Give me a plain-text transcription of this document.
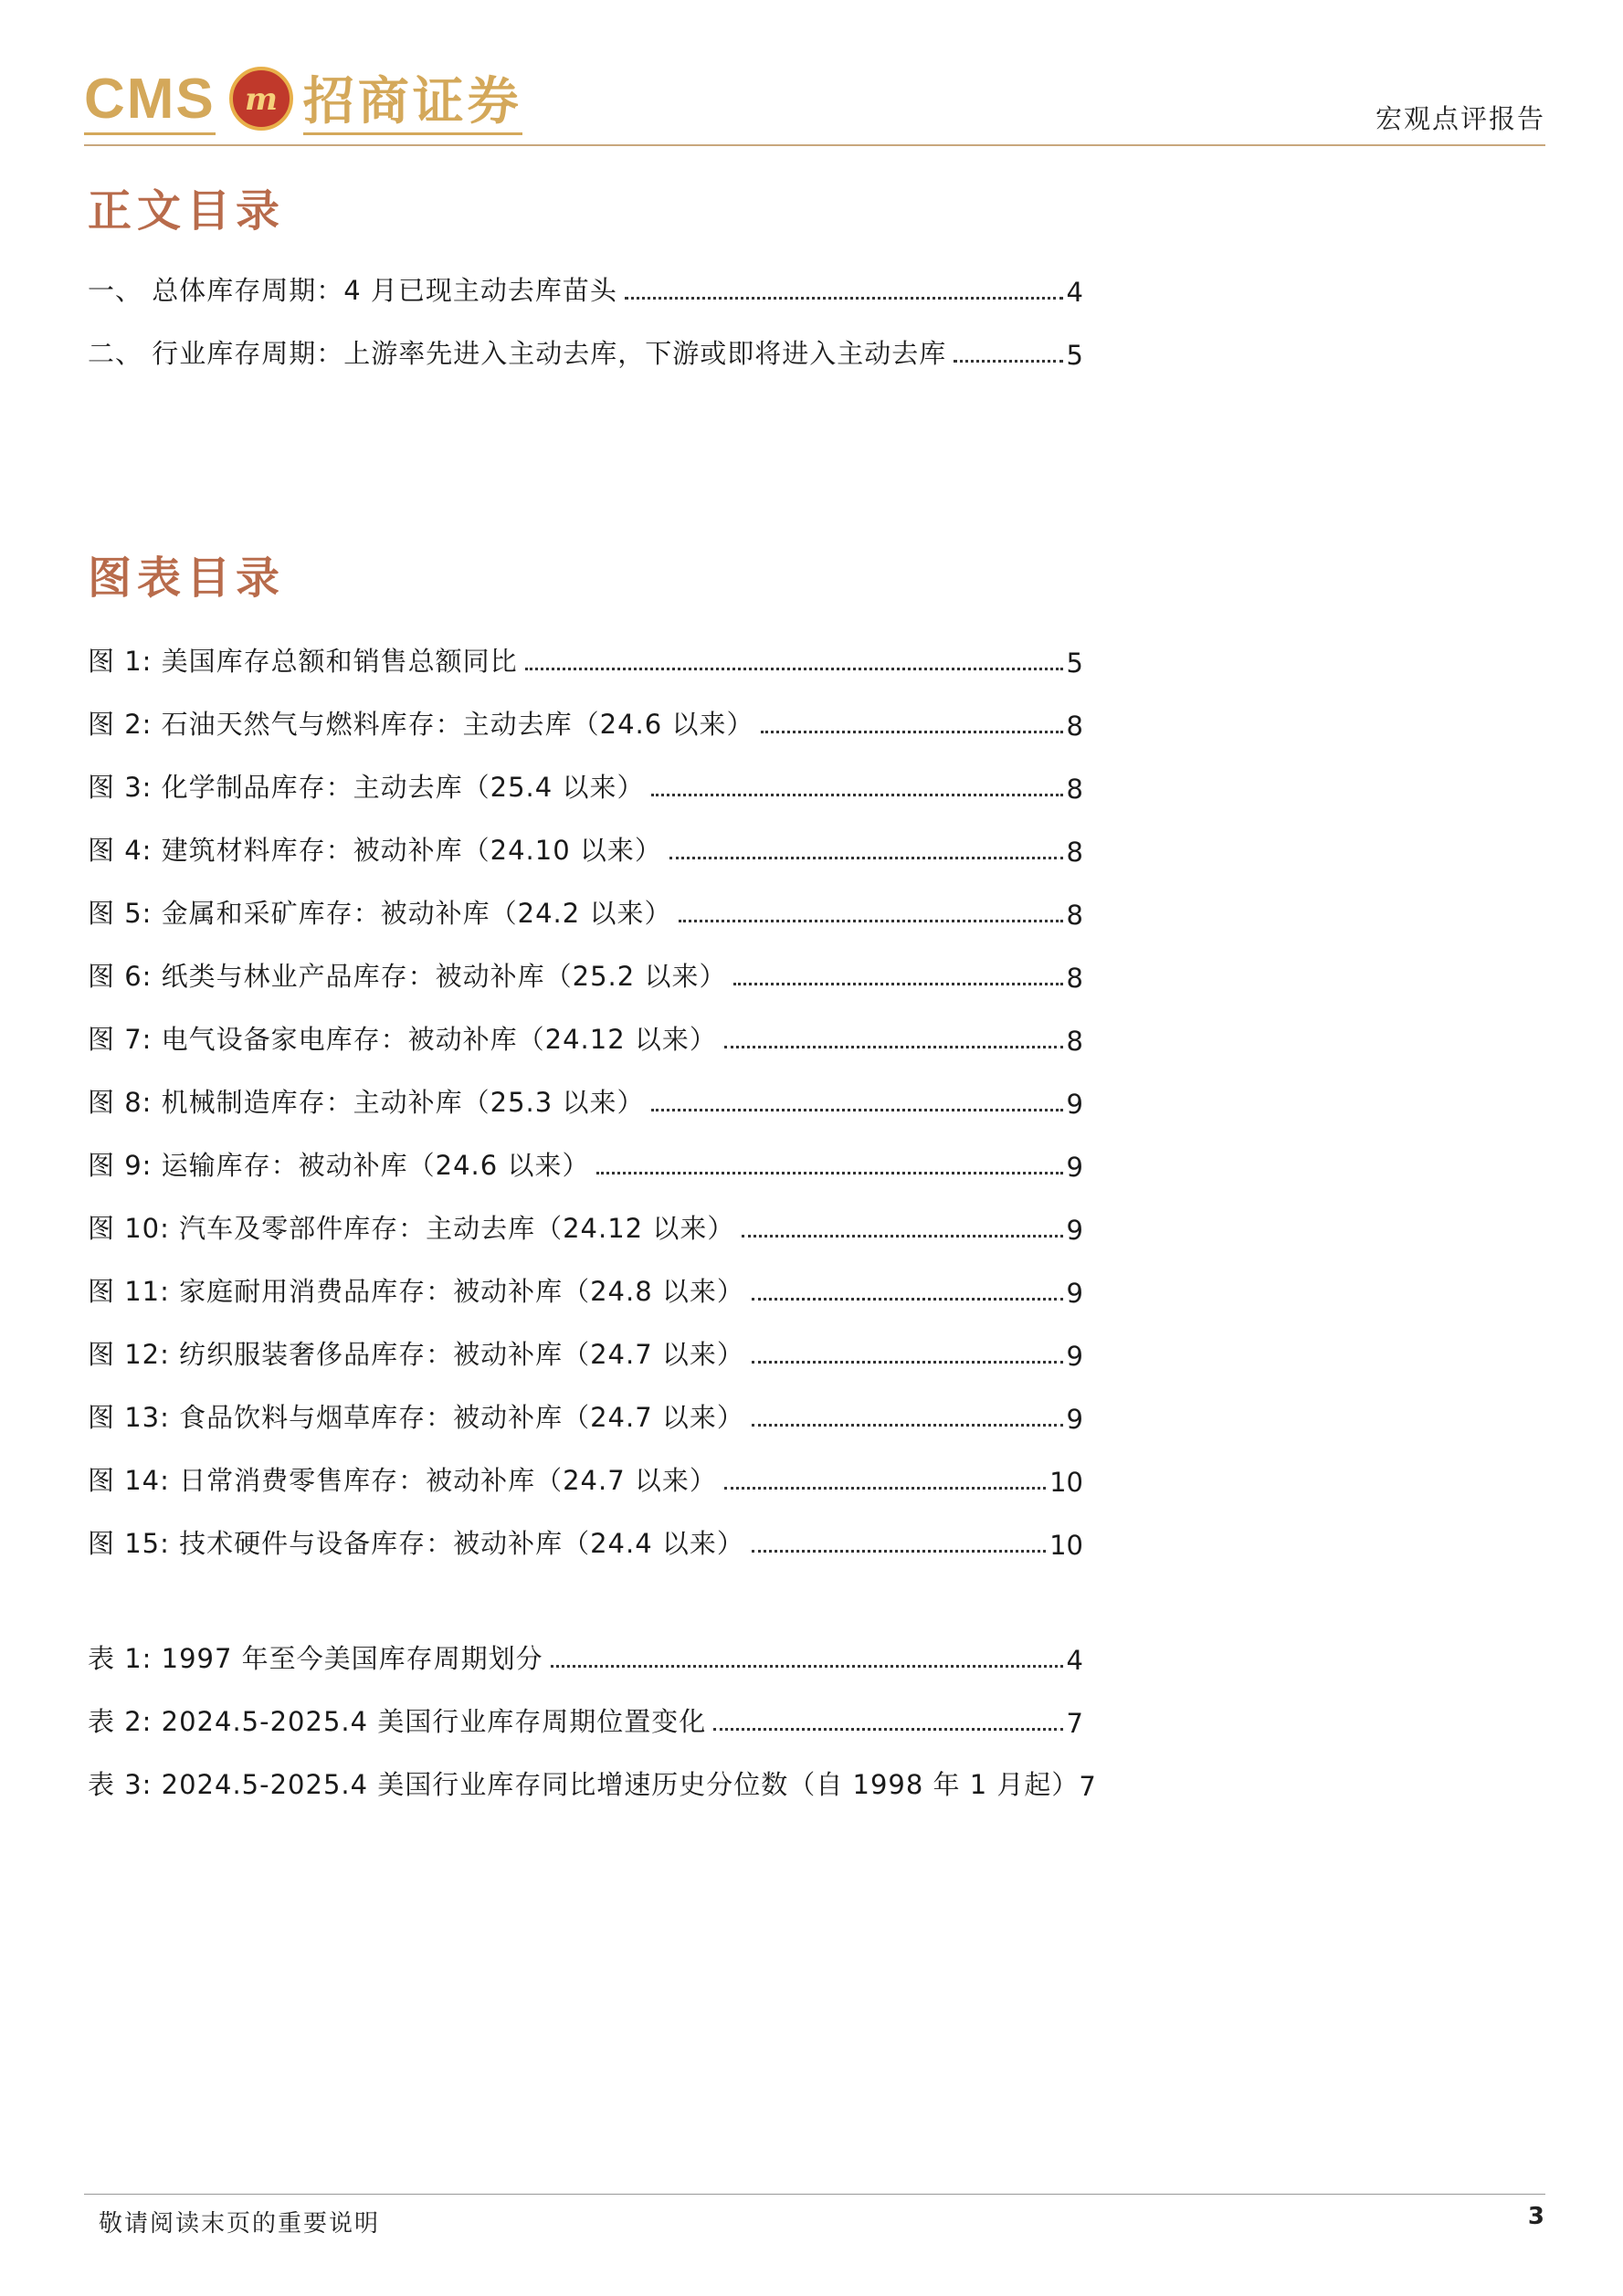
CMS m 招商证券	宏观点评报告
正文目录
一、 总体库存周期：4 月已现主动去库苗头	4
二、 行业库存周期：上游率先进入主动去库，下游或即将进入主动去库	5
图表目录
图 1: 美国库存总额和销售总额同比	5
图 2: 石油天然气与燃料库存：主动去库（24.6 以来）	8
图 3: 化学制品库存：主动去库（25.4 以来）	8
图 4: 建筑材料库存：被动补库（24.10 以来）	8
图 5: 金属和采矿库存：被动补库（24.2 以来）	8
图 6: 纸类与林业产品库存：被动补库（25.2 以来）	8
图 7: 电气设备家电库存：被动补库（24.12 以来）	8
图 8: 机械制造库存：主动补库（25.3 以来）	9
图 9: 运输库存：被动补库（24.6 以来）	9
图 10: 汽车及零部件库存：主动去库（24.12 以来）	9
图 11: 家庭耐用消费品库存：被动补库（24.8 以来）	9
图 12: 纺织服装奢侈品库存：被动补库（24.7 以来）	9
图 13: 食品饮料与烟草库存：被动补库（24.7 以来）	9
图 14: 日常消费零售库存：被动补库（24.7 以来）	10
图 15: 技术硬件与设备库存：被动补库（24.4 以来）	10
表 1: 1997 年至今美国库存周期划分	4
表 2: 2024.5-2025.4 美国行业库存周期位置变化	7
表 3: 2024.5-2025.4 美国行业库存同比增速历史分位数（自 1998 年 1 月起） 7
敬请阅读末页的重要说明	3
